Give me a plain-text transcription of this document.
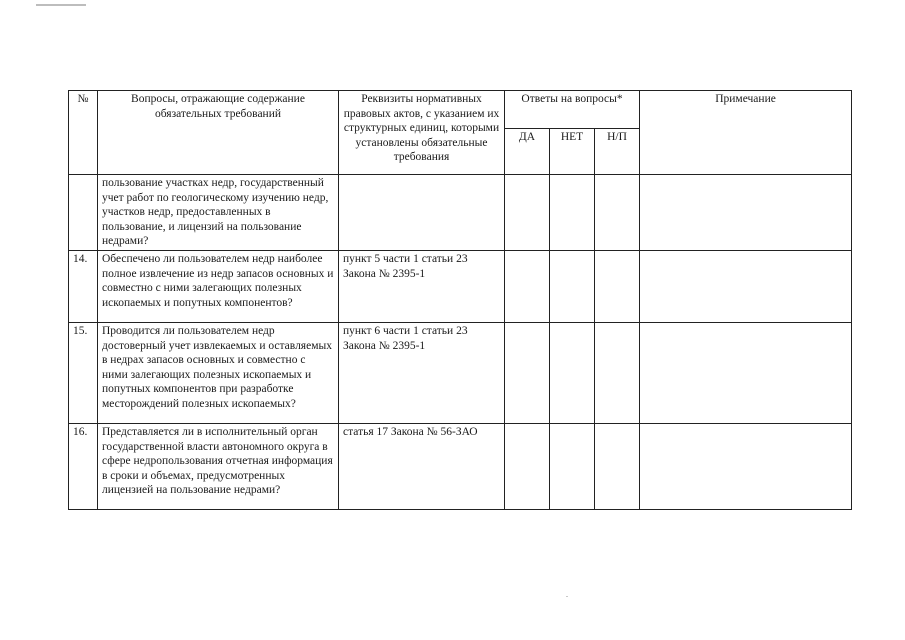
№	Вопросы, отражающие содержание обязательных требований	Реквизиты нормативных правовых актов, с указанием их структурных единиц, которыми установлены обязательные требования	Ответы на вопросы*			Примечание
			ДА	НЕТ	Н/П	
	пользование участках недр, государственный учет работ по геологическому изучению недр, участков недр, предоставленных в пользование, и лицензий на пользование недрами?					
14.	Обеспечено ли пользователем недр наиболее полное извлечение из недр запасов основных и совместно с ними залегающих полезных ископаемых и попутных компонентов?	пункт 5 части 1 статьи 23 Закона № 2395-1				
15.	Проводится ли пользователем недр достоверный учет извлекаемых и оставляемых в недрах запасов основных и совместно с ними залегающих полезных ископаемых и попутных компонентов при разработке месторождений полезных ископаемых?	пункт 6 части 1 статьи 23 Закона № 2395-1				
16.	Представляется ли в исполнительный орган государственной власти автономного округа в сфере недропользования отчетная информация в сроки и объемах, предусмотренных лицензией на пользование недрами?	статья 17 Закона № 56-ЗАО				
